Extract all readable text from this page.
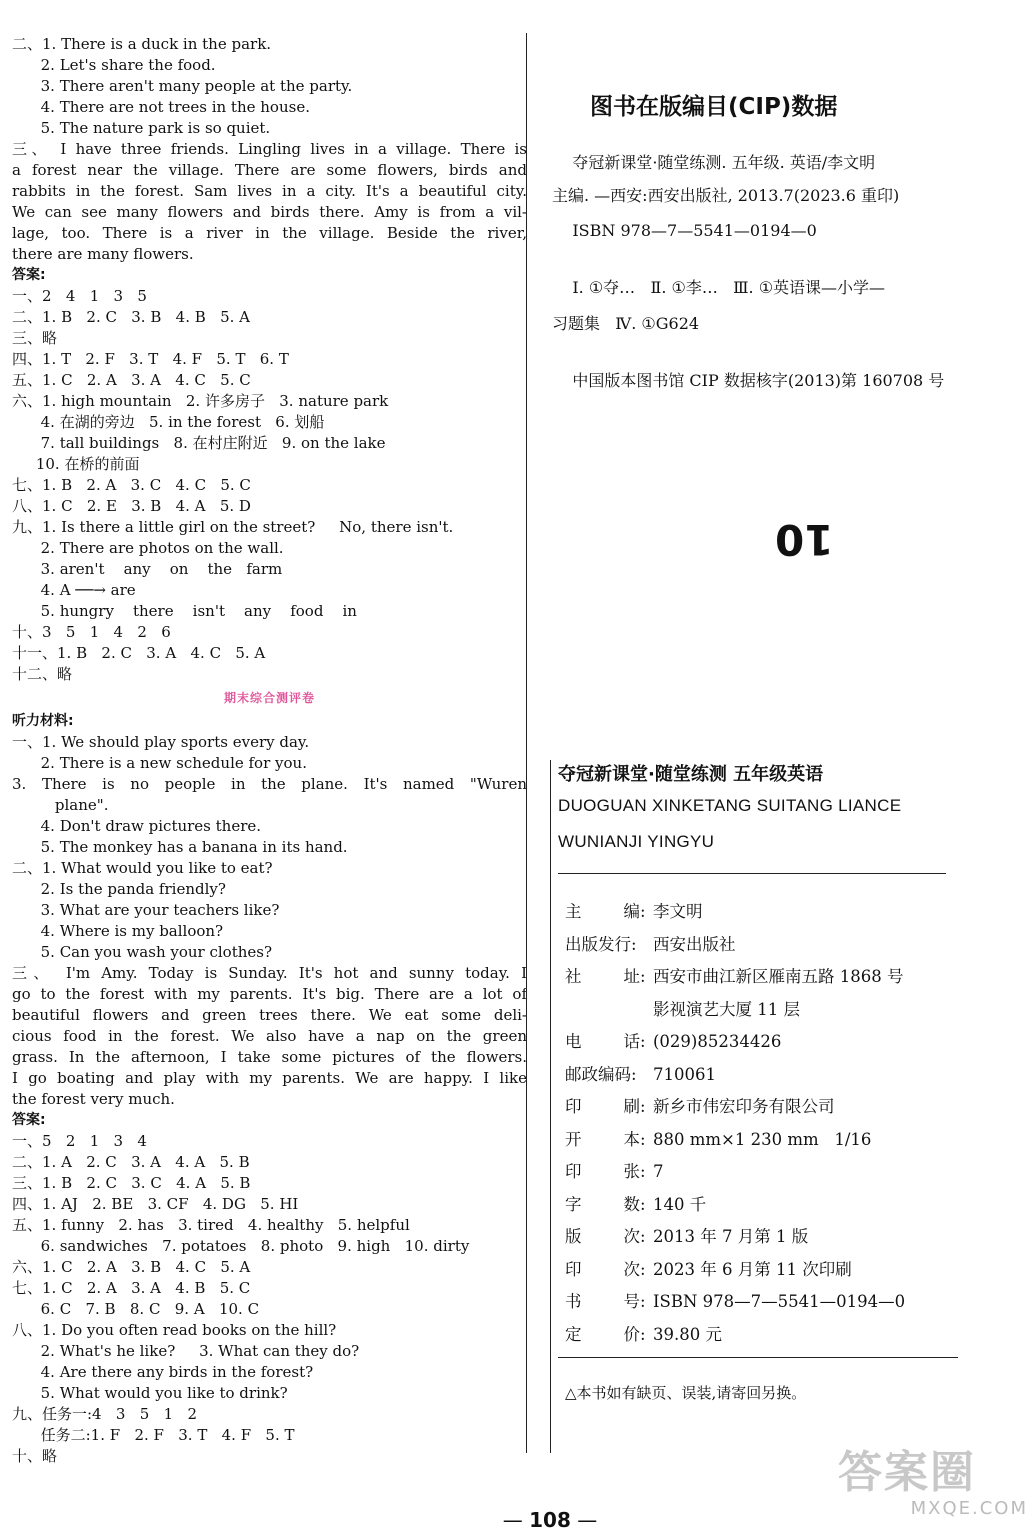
二、1. There is a duck in the park.
2. Let's share the food.
3. There aren't many people at the party.
4. There are not trees in the house.
5. The nature park is so quiet.
三、 I have three friends. Lingling lives in a village. There is
a forest near the village. There are some flowers, birds and
rabbits in the forest. Sam lives in a city. It's a beautiful city.
We can see many flowers and birds there. Amy is from a vil-
lage, too. There is a river in the village. Beside the river,
there are many flowers.
答案:
一、2   4   1   3   5
二、1. B   2. C   3. B   4. B   5. A
三、略
四、1. T   2. F   3. T   4. F   5. T   6. T
五、1. C   2. A   3. A   4. C   5. C
六、1. high mountain   2. 许多房子   3. nature park
4. 在湖的旁边   5. in the forest   6. 划船
7. tall buildings   8. 在村庄附近   9. on the lake
10. 在桥的前面
七、1. B   2. A   3. C   4. C   5. C
八、1. C   2. E   3. B   4. A   5. D
九、1. Is there a little girl on the street?     No, there isn't.
2. There are photos on the wall.
3. aren't    any    on    the   farm
4. A ──→ are
5. hungry    there    isn't    any    food    in
十、3   5   1   4   2   6
十一、1. B   2. C   3. A   4. C   5. A
十二、略
期末综合测评卷
听力材料:
一、1. We should play sports every day.
2. There is a new schedule for you.
3. There is no people in the plane. It's named "Wuren
plane".
4. Don't draw pictures there.
5. The monkey has a banana in its hand.
二、1. What would you like to eat?
2. Is the panda friendly?
3. What are your teachers like?
4. Where is my balloon?
5. Can you wash your clothes?
三、 I'm Amy. Today is Sunday. It's hot and sunny today. I
go to the forest with my parents. It's big. There are a lot of
beautiful flowers and green trees there. We eat some deli-
cious food in the forest. We also have a nap on the green
grass. In the afternoon, I take some pictures of the flowers.
I go boating and play with my parents. We are happy. I like
the forest very much.
答案:
一、5   2   1   3   4
二、1. A   2. C   3. A   4. A   5. B
三、1. B   2. C   3. C   4. A   5. B
四、1. AJ   2. BE   3. CF   4. DG   5. HI
五、1. funny   2. has   3. tired   4. healthy   5. helpful
6. sandwiches   7. potatoes   8. photo   9. high   10. dirty
六、1. C   2. A   3. B   4. C   5. A
七、1. C   2. A   3. A   4. B   5. C
6. C   7. B   8. C   9. A   10. C
八、1. Do you often read books on the hill?
2. What's he like?     3. What can they do?
4. Are there any birds in the forest?
5. What would you like to drink?
九、任务一:4   3   5   1   2
任务二:1. F   2. F   3. T   4. F   5. T
十、略
图书在版编目(CIP)数据
夺冠新课堂·随堂练测. 五年级. 英语/李文明
主编. —西安:西安出版社, 2013.7(2023.6 重印)
ISBN 978—7—5541—0194—0
Ⅰ. ①夺…   Ⅱ. ①李…   Ⅲ. ①英语课—小学—
习题集   Ⅳ. ①G624
中国版本图书馆 CIP 数据核字(2013)第 160708 号
10
夺冠新课堂·随堂练测 五年级英语
DUOGUAN XINKETANG SUITANG LIANCE
WUNIANJI YINGYU
主        编: 李文明
出版发行: 西安出版社
社        址: 西安市曲江新区雁南五路 1868 号
影视演艺大厦 11 层
电        话: (029)85234426
邮政编码: 710061
印        刷: 新乡市伟宏印务有限公司
开        本: 880 mm×1 230 mm   1/16
印        张: 7
字        数: 140 千
版        次: 2013 年 7 月第 1 版
印        次: 2023 年 6 月第 11 次印刷
书        号: ISBN 978—7—5541—0194—0
定        价: 39.80 元
△本书如有缺页、误装,请寄回另换。
— 108 —
答案圈
MXQE.COM
